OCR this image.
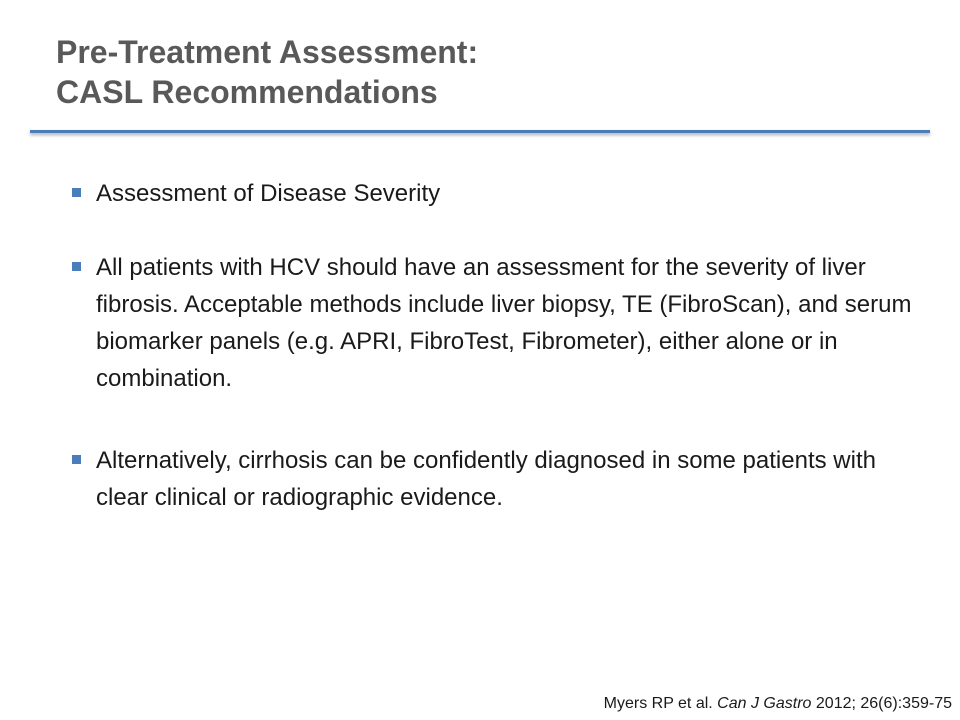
Pre-Treatment Assessment:
CASL Recommendations

Assessment of Disease Severity

All patients with HCV should have an assessment for the severity of liver fibrosis. Acceptable methods include liver biopsy, TE (FibroScan), and serum biomarker panels (e.g. APRI, FibroTest, Fibrometer), either alone or in combination.

Alternatively, cirrhosis can be confidently diagnosed in some patients with clear clinical or radiographic evidence.

Myers RP et al. Can J Gastro 2012; 26(6):359-75
